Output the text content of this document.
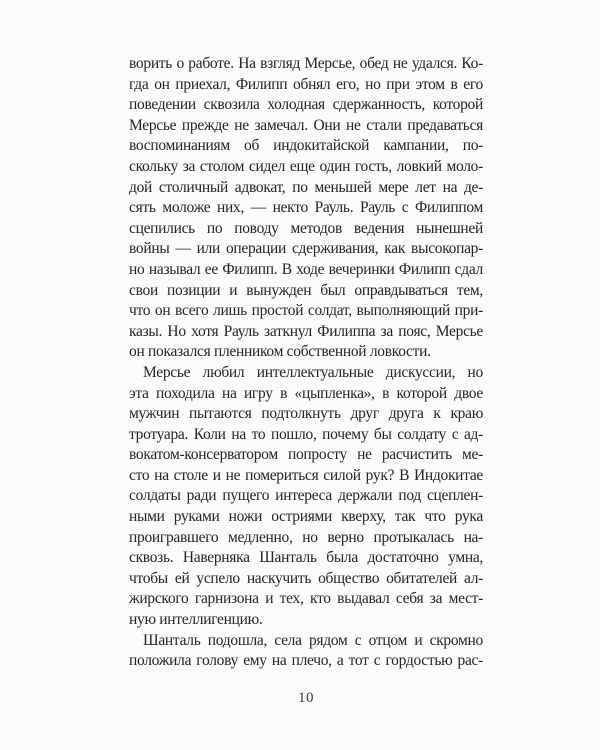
ворить о работе. На взгляд Мерсье, обед не удался. Ко-
гда он приехал, Филипп обнял его, но при этом в его
поведении сквозила холодная сдержанность, которой
Мерсье прежде не замечал. Они не стали предаваться
воспоминаниям об индокитайской кампании, по-
скольку за столом сидел еще один гость, ловкий моло-
дой столичный адвокат, по меньшей мере лет на де-
сять моложе них, — некто Рауль. Рауль с Филиппом
сцепились по поводу методов ведения нынешней
войны — или операции сдерживания, как высокопар-
но называл ее Филипп. В ходе вечеринки Филипп сдал
свои позиции и вынужден был оправдываться тем,
что он всего лишь простой солдат, выполняющий при-
казы. Но хотя Рауль заткнул Филиппа за пояс, Мерсье
он показался пленником собственной ловкости.
Мерсье любил интеллектуальные дискуссии, но
эта походила на игру в «цыпленка», в которой двое
мужчин пытаются подтолкнуть друг друга к краю
тротуара. Коли на то пошло, почему бы солдату с ад-
вокатом-консерватором попросту не расчистить ме-
сто на столе и не помериться силой рук? В Индокитае
солдаты ради пущего интереса держали под сцеплен-
ными руками ножи остриями кверху, так что рука
проигравшего медленно, но верно протыкалась на-
сквозь. Наверняка Шанталь была достаточно умна,
чтобы ей успело наскучить общество обитателей ал-
жирского гарнизона и тех, кто выдавал себя за мест-
ную интеллигенцию.
Шанталь подошла, села рядом с отцом и скромно
положила голову ему на плечо, а тот с гордостью рас-
10
